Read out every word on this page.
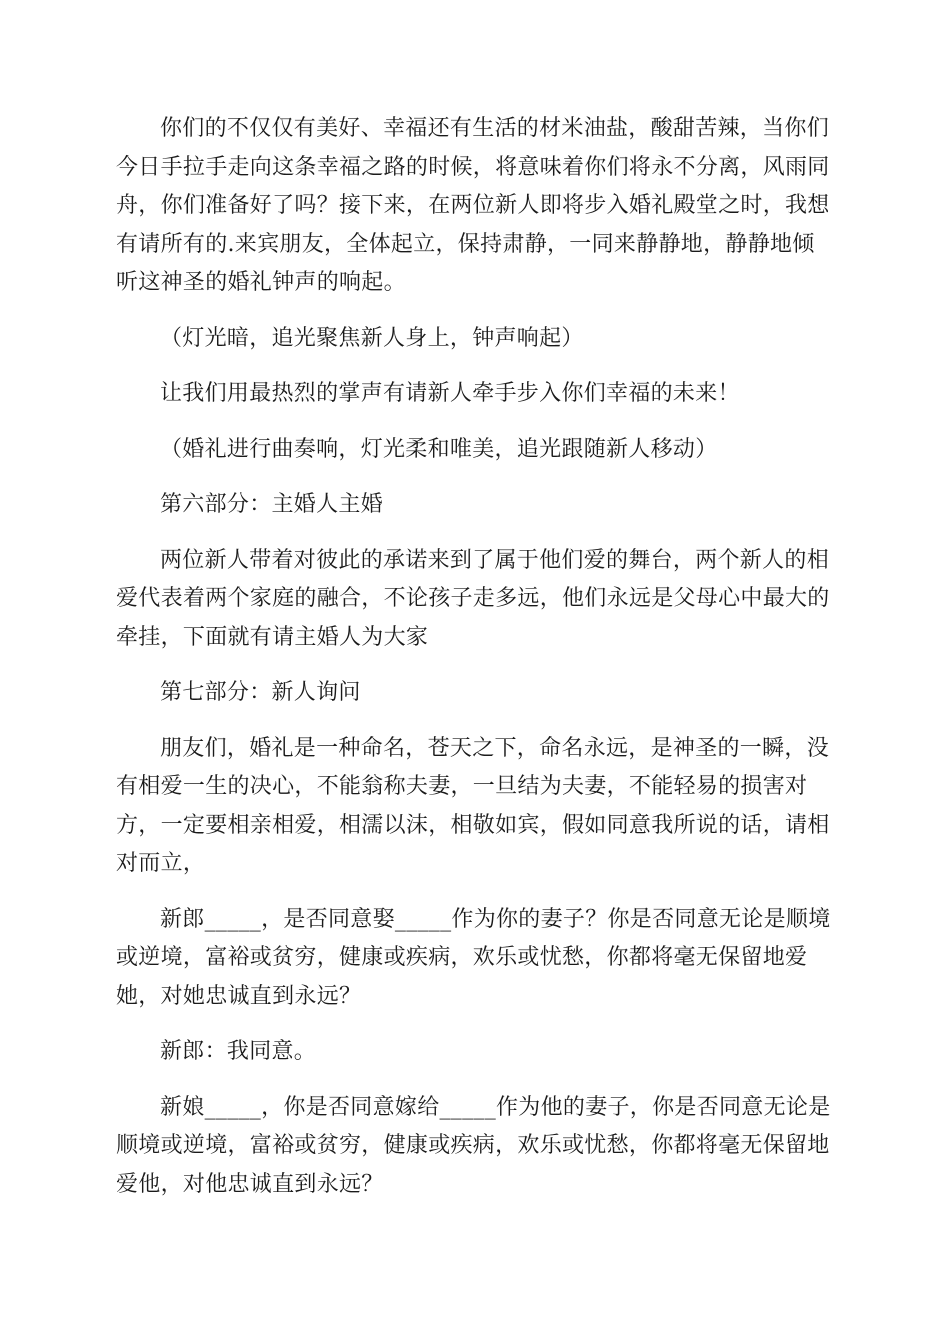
你们的不仅仅有美好、幸福还有生活的材米油盐，酸甜苦辣，当你们今日手拉手走向这条幸福之路的时候，将意味着你们将永不分离，风雨同舟，你们准备好了吗？接下来，在两位新人即将步入婚礼殿堂之时，我想有请所有的.来宾朋友，全体起立，保持肃静，一同来静静地，静静地倾听这神圣的婚礼钟声的响起。

（灯光暗，追光聚焦新人身上，钟声响起）

让我们用最热烈的掌声有请新人牵手步入你们幸福的未来！

（婚礼进行曲奏响，灯光柔和唯美，追光跟随新人移动）

第六部分：主婚人主婚

两位新人带着对彼此的承诺来到了属于他们爱的舞台，两个新人的相爱代表着两个家庭的融合，不论孩子走多远，他们永远是父母心中最大的牵挂，下面就有请主婚人为大家

第七部分：新人询问

朋友们，婚礼是一种命名，苍天之下，命名永远，是神圣的一瞬，没有相爱一生的决心，不能翁称夫妻，一旦结为夫妻，不能轻易的损害对方，一定要相亲相爱，相濡以沫，相敬如宾，假如同意我所说的话，请相对而立，

新郎_____，是否同意娶_____作为你的妻子？你是否同意无论是顺境或逆境，富裕或贫穷，健康或疾病，欢乐或忧愁，你都将毫无保留地爱她，对她忠诚直到永远？

新郎：我同意。

新娘_____，你是否同意嫁给_____作为他的妻子，你是否同意无论是顺境或逆境，富裕或贫穷，健康或疾病，欢乐或忧愁，你都将毫无保留地爱他，对他忠诚直到永远？
